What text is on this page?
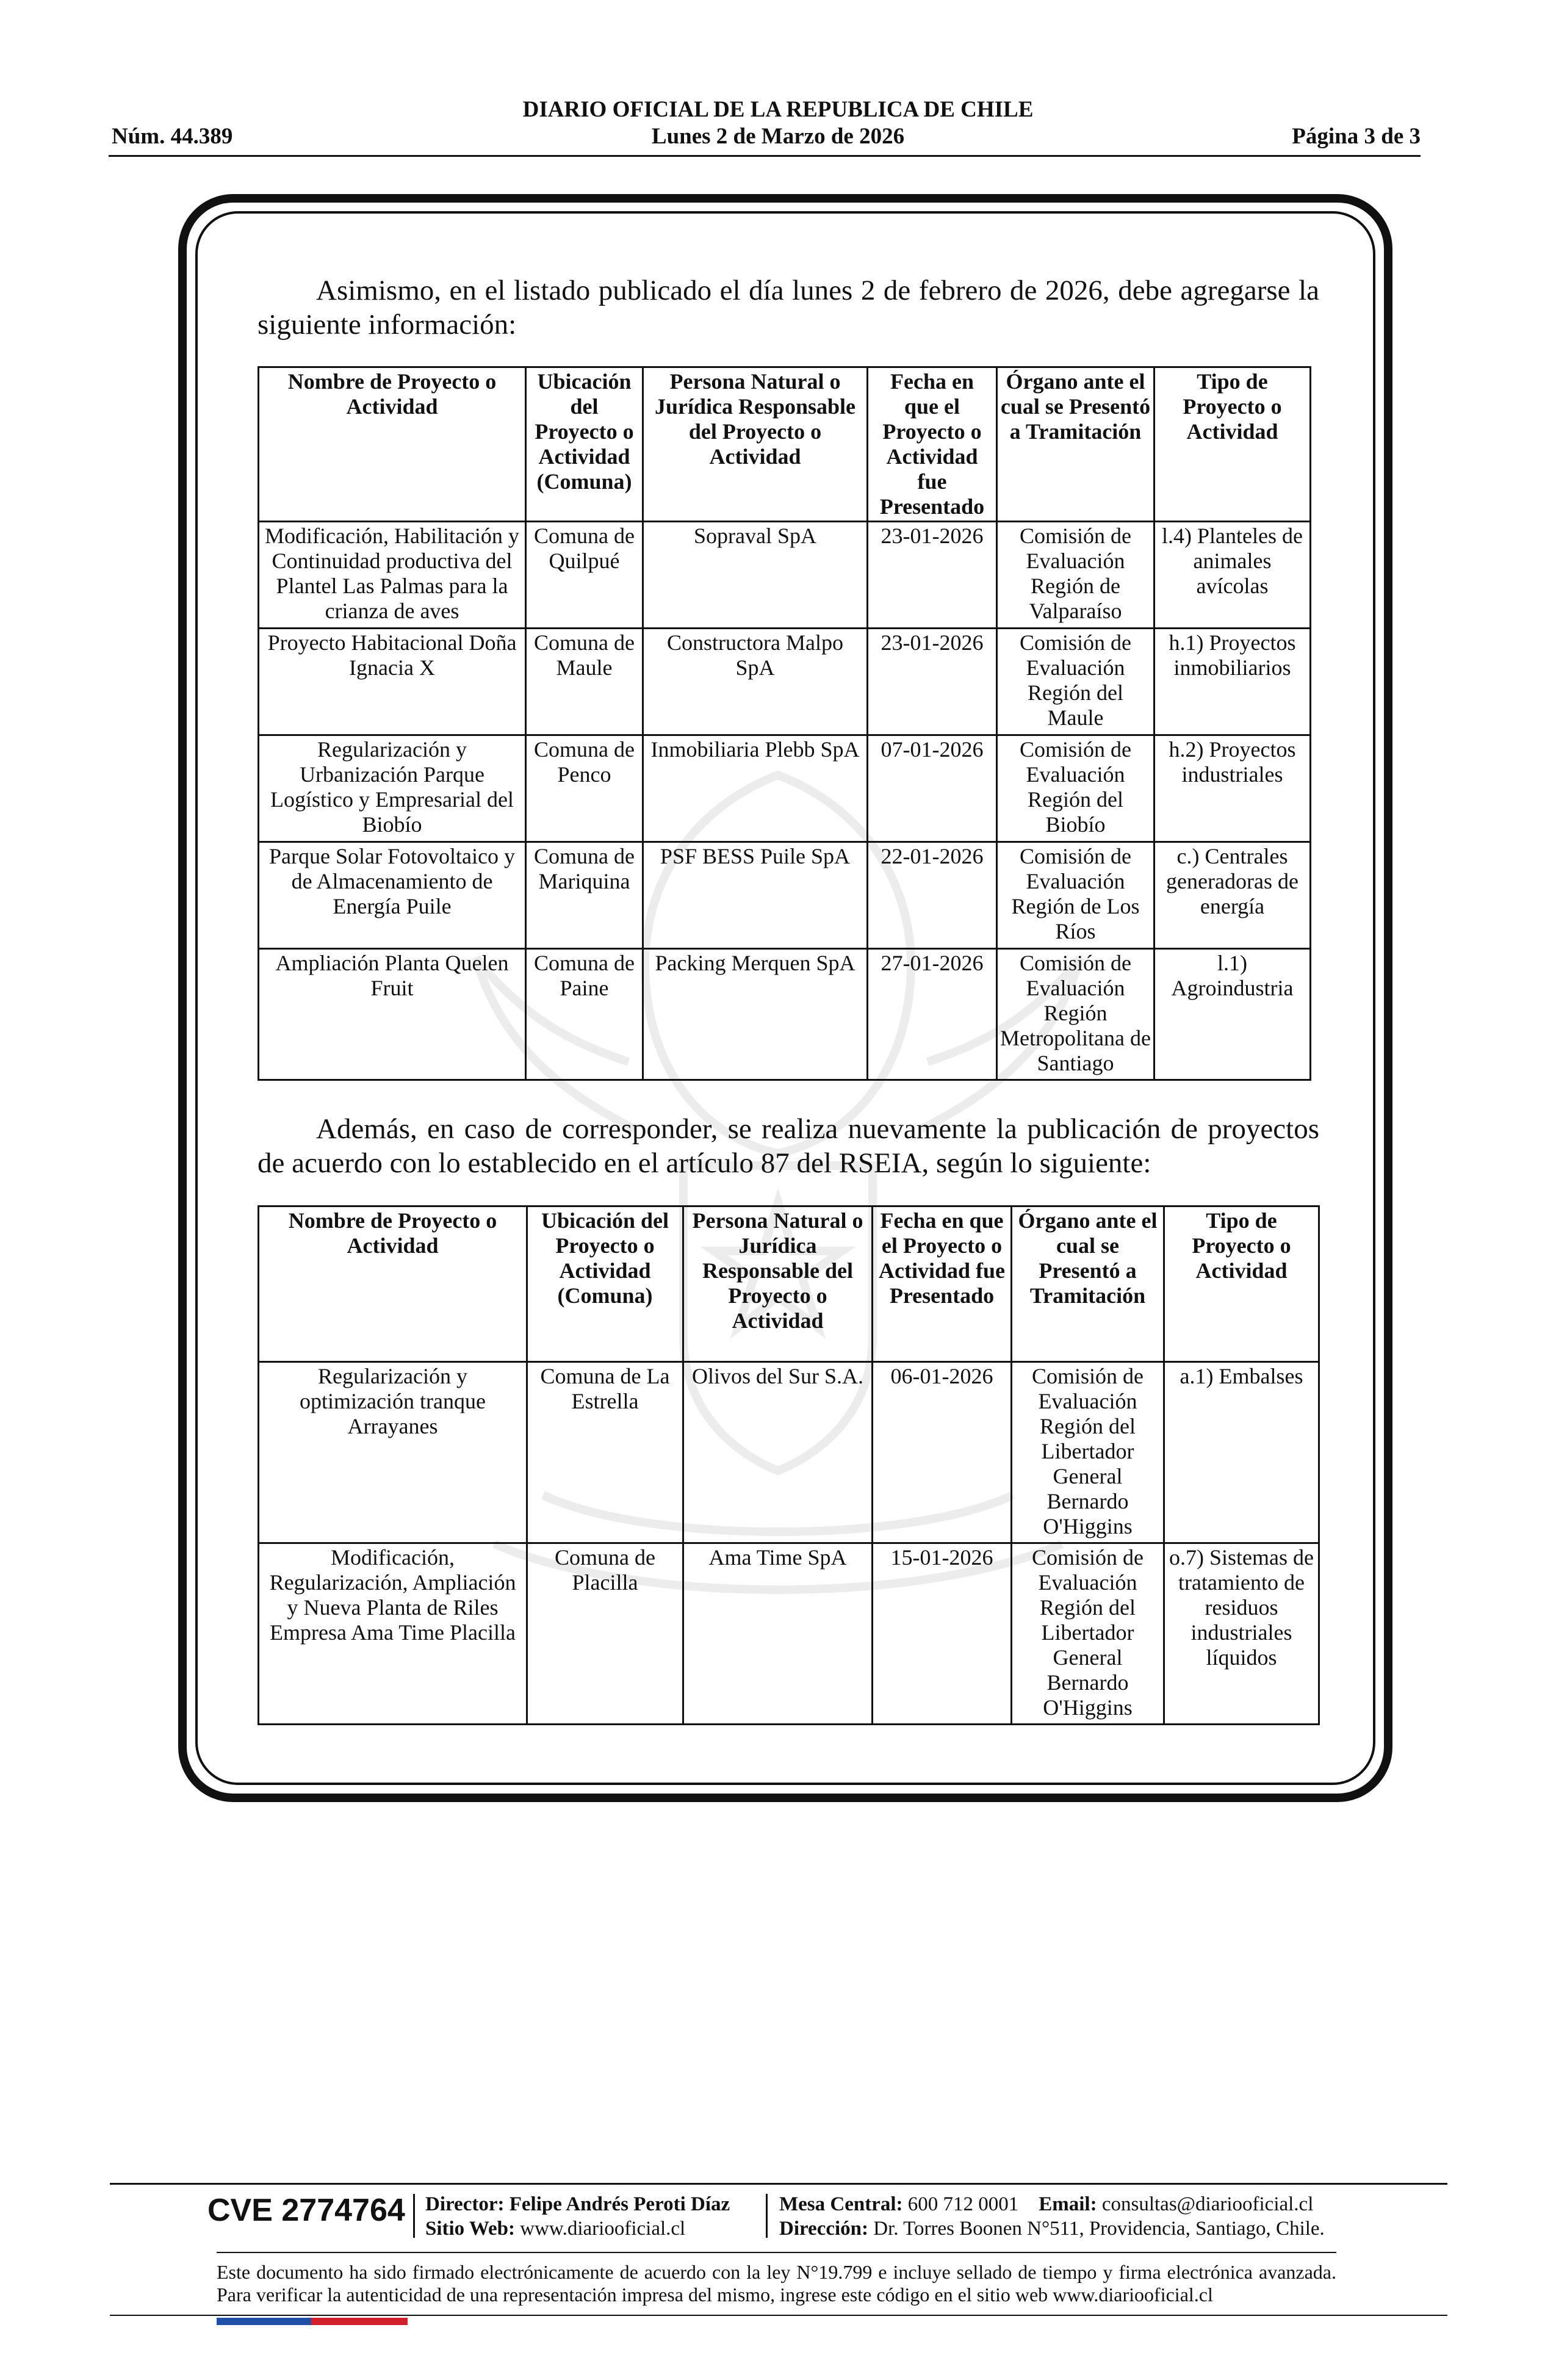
DIARIO OFICIAL DE LA REPUBLICA DE CHILE
Lunes 2 de Marzo de 2026
Núm. 44.389	Página 3 de 3
Asimismo, en el listado publicado el día lunes 2 de febrero de 2026, debe agregarse la siguiente información:
Nombre de Proyecto o Actividad	Ubicación del Proyecto o Actividad (Comuna)	Persona Natural o Jurídica Responsable del Proyecto o Actividad	Fecha en que el Proyecto o Actividad fue Presentado	Órgano ante el cual se Presentó a Tramitación	Tipo de Proyecto o Actividad
Modificación, Habilitación y Continuidad productiva del Plantel Las Palmas para la crianza de aves	Comuna de Quilpué	Sopraval SpA	23-01-2026	Comisión de Evaluación Región de Valparaíso	l.4) Planteles de animales avícolas
Proyecto Habitacional Doña Ignacia X	Comuna de Maule	Constructora Malpo SpA	23-01-2026	Comisión de Evaluación Región del Maule	h.1) Proyectos inmobiliarios
Regularización y Urbanización Parque Logístico y Empresarial del Biobío	Comuna de Penco	Inmobiliaria Plebb SpA	07-01-2026	Comisión de Evaluación Región del Biobío	h.2) Proyectos industriales
Parque Solar Fotovoltaico y de Almacenamiento de Energía Puile	Comuna de Mariquina	PSF BESS Puile SpA	22-01-2026	Comisión de Evaluación Región de Los Ríos	c.) Centrales generadoras de energía
Ampliación Planta Quelen Fruit	Comuna de Paine	Packing Merquen SpA	27-01-2026	Comisión de Evaluación Región Metropolitana de Santiago	l.1) Agroindustria
Además, en caso de corresponder, se realiza nuevamente la publicación de proyectos de acuerdo con lo establecido en el artículo 87 del RSEIA, según lo siguiente:
Nombre de Proyecto o Actividad	Ubicación del Proyecto o Actividad (Comuna)	Persona Natural o Jurídica Responsable del Proyecto o Actividad	Fecha en que el Proyecto o Actividad fue Presentado	Órgano ante el cual se Presentó a Tramitación	Tipo de Proyecto o Actividad
Regularización y optimización tranque Arrayanes	Comuna de La Estrella	Olivos del Sur S.A.	06-01-2026	Comisión de Evaluación Región del Libertador General Bernardo O'Higgins	a.1) Embalses
Modificación, Regularización, Ampliación y Nueva Planta de Riles Empresa Ama Time Placilla	Comuna de Placilla	Ama Time SpA	15-01-2026	Comisión de Evaluación Región del Libertador General Bernardo O'Higgins	o.7) Sistemas de tratamiento de residuos industriales líquidos
CVE 2774764 Director: Felipe Andrés Peroti Díaz
Sitio Web: www.diariooficial.cl
Mesa Central: 600 712 0001 Email: consultas@diariooficial.cl
Dirección: Dr. Torres Boonen N°511, Providencia, Santiago, Chile.
Este documento ha sido firmado electrónicamente de acuerdo con la ley N°19.799 e incluye sellado de tiempo y firma electrónica avanzada. Para verificar la autenticidad de una representación impresa del mismo, ingrese este código en el sitio web www.diariooficial.cl
